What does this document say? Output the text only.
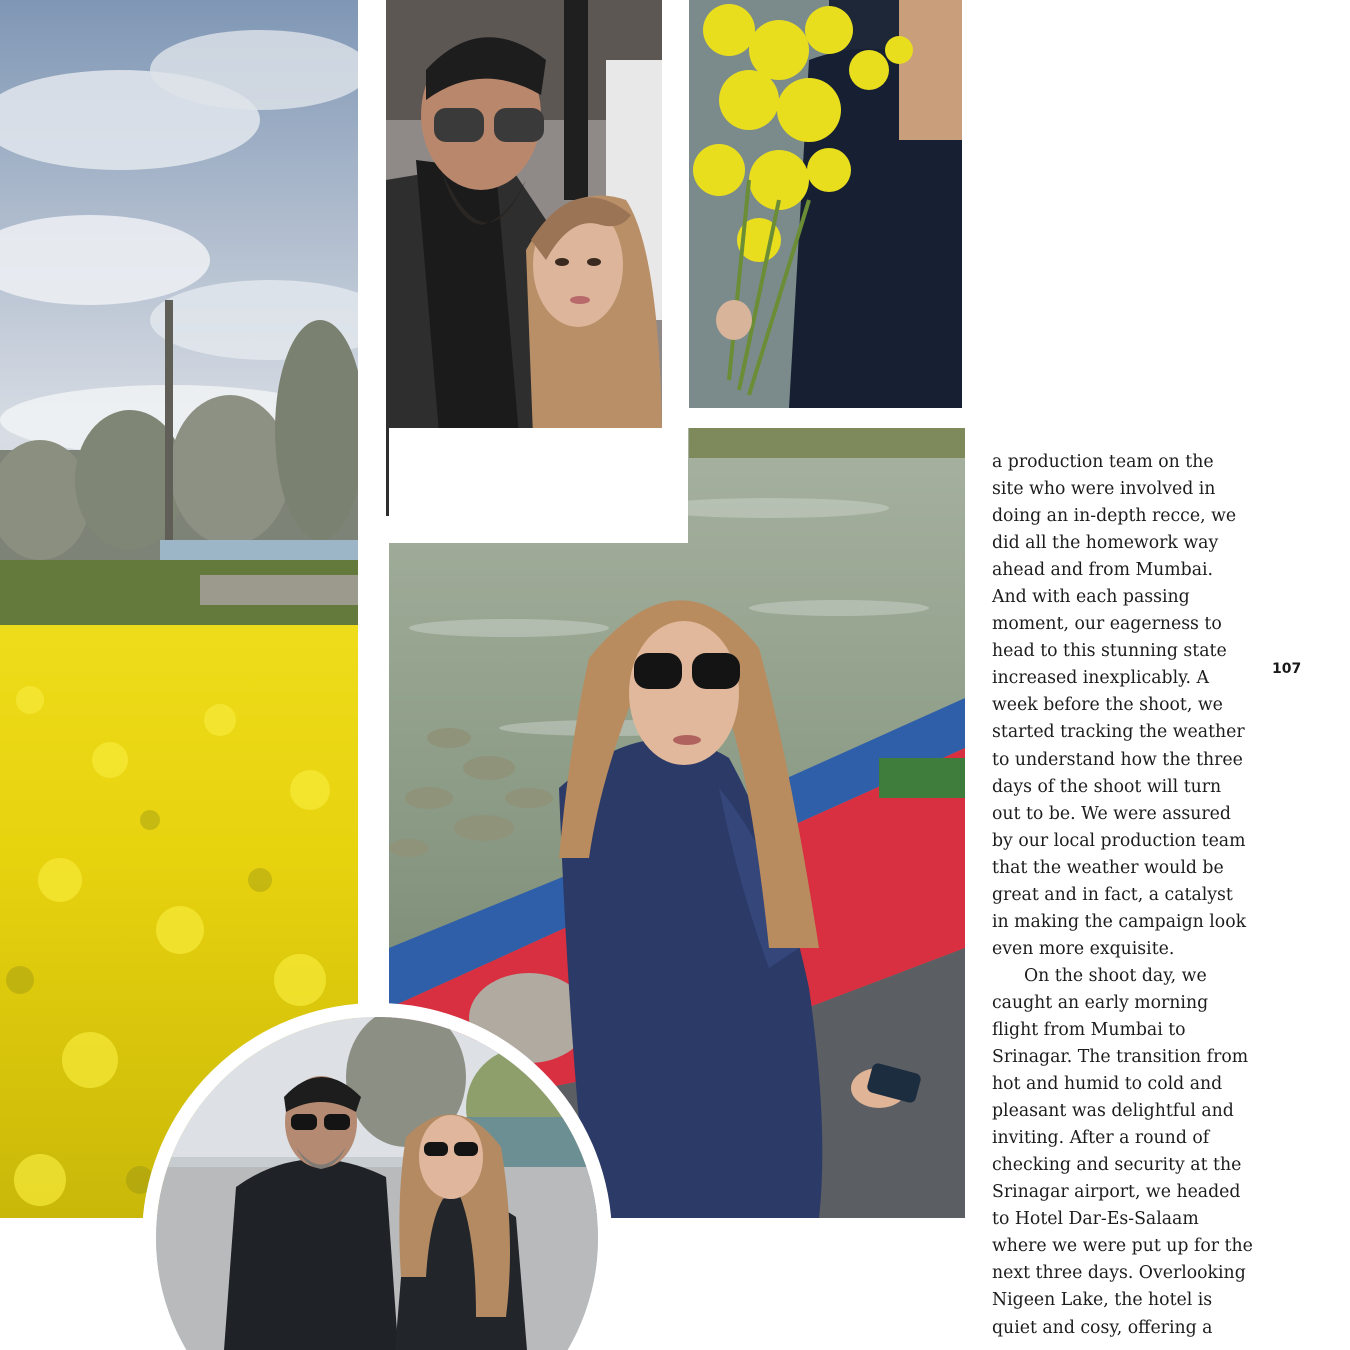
a production team on the
site who were involved in
doing an in-depth recce, we
did all the homework way
ahead and from Mumbai.
And with each passing
moment, our eagerness to
head to this stunning state
increased inexplicably. A
week before the shoot, we
started tracking the weather
to understand how the three
days of the shoot will turn
out to be. We were assured
by our local production team
that the weather would be
great and in fact, a catalyst
in making the campaign look
even more exquisite.
On the shoot day, we
caught an early morning
flight from Mumbai to
Srinagar. The transition from
hot and humid to cold and
pleasant was delightful and
inviting. After a round of
checking and security at the
Srinagar airport, we headed
to Hotel Dar-Es-Salaam
where we were put up for the
next three days. Overlooking
Nigeen Lake, the hotel is
quiet and cosy, offering a
107
